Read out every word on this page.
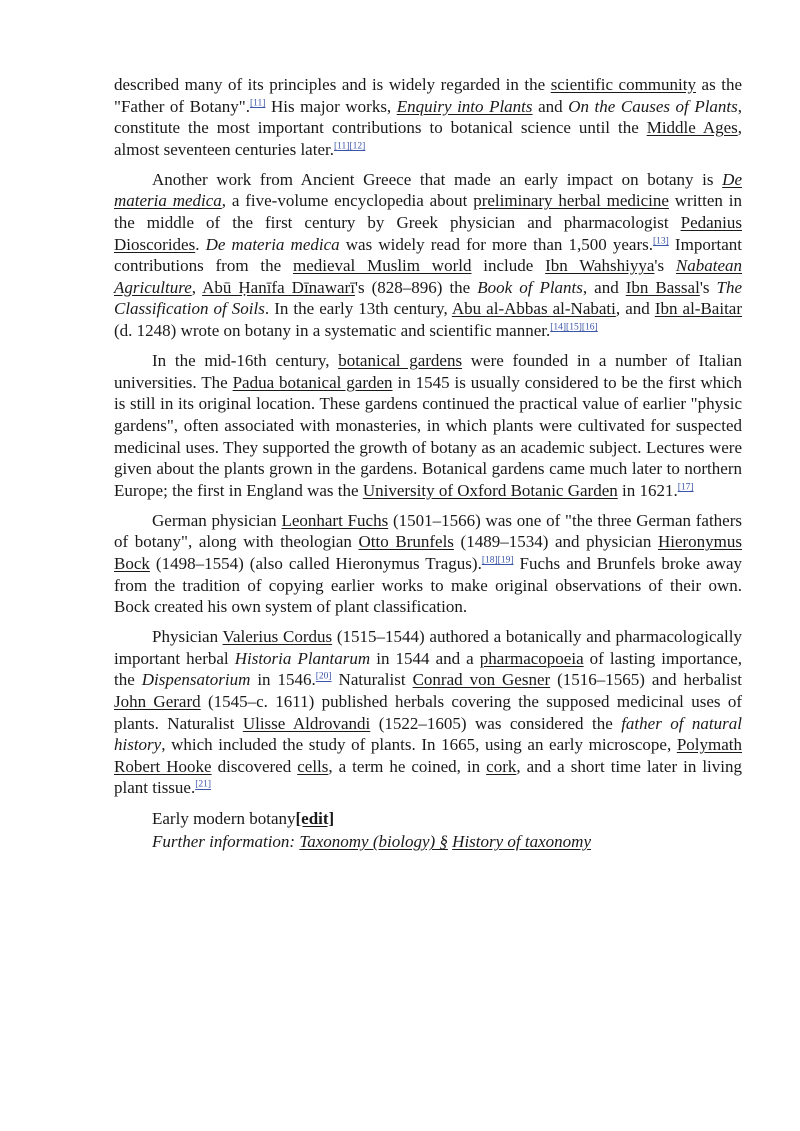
described many of its principles and is widely regarded in the scientific community as the "Father of Botany".[11] His major works, Enquiry into Plants and On the Causes of Plants, constitute the most important contributions to botanical science until the Middle Ages, almost seventeen centuries later.[11][12]

Another work from Ancient Greece that made an early impact on botany is De materia medica, a five-volume encyclopedia about preliminary herbal medicine written in the middle of the first century by Greek physician and pharmacologist Pedanius Dioscorides. De materia medica was widely read for more than 1,500 years.[13] Important contributions from the medieval Muslim world include Ibn Wahshiyya's Nabatean Agriculture, Abū Ḥanīfa Dīnawarī's (828–896) the Book of Plants, and Ibn Bassal's The Classification of Soils. In the early 13th century, Abu al-Abbas al-Nabati, and Ibn al-Baitar (d. 1248) wrote on botany in a systematic and scientific manner.[14][15][16]

In the mid-16th century, botanical gardens were founded in a number of Italian universities. The Padua botanical garden in 1545 is usually considered to be the first which is still in its original location. These gardens continued the practical value of earlier "physic gardens", often associated with monasteries, in which plants were cultivated for suspected medicinal uses. They supported the growth of botany as an academic subject. Lectures were given about the plants grown in the gardens. Botanical gardens came much later to northern Europe; the first in England was the University of Oxford Botanic Garden in 1621.[17]

German physician Leonhart Fuchs (1501–1566) was one of "the three German fathers of botany", along with theologian Otto Brunfels (1489–1534) and physician Hieronymus Bock (1498–1554) (also called Hieronymus Tragus).[18][19] Fuchs and Brunfels broke away from the tradition of copying earlier works to make original observations of their own. Bock created his own system of plant classification.

Physician Valerius Cordus (1515–1544) authored a botanically and pharmacologically important herbal Historia Plantarum in 1544 and a pharmacopoeia of lasting importance, the Dispensatorium in 1546.[20] Naturalist Conrad von Gesner (1516–1565) and herbalist John Gerard (1545–c. 1611) published herbals covering the supposed medicinal uses of plants. Naturalist Ulisse Aldrovandi (1522–1605) was considered the father of natural history, which included the study of plants. In 1665, using an early microscope, Polymath Robert Hooke discovered cells, a term he coined, in cork, and a short time later in living plant tissue.[21]

Early modern botany[edit]
Further information: Taxonomy (biology) § History of taxonomy
